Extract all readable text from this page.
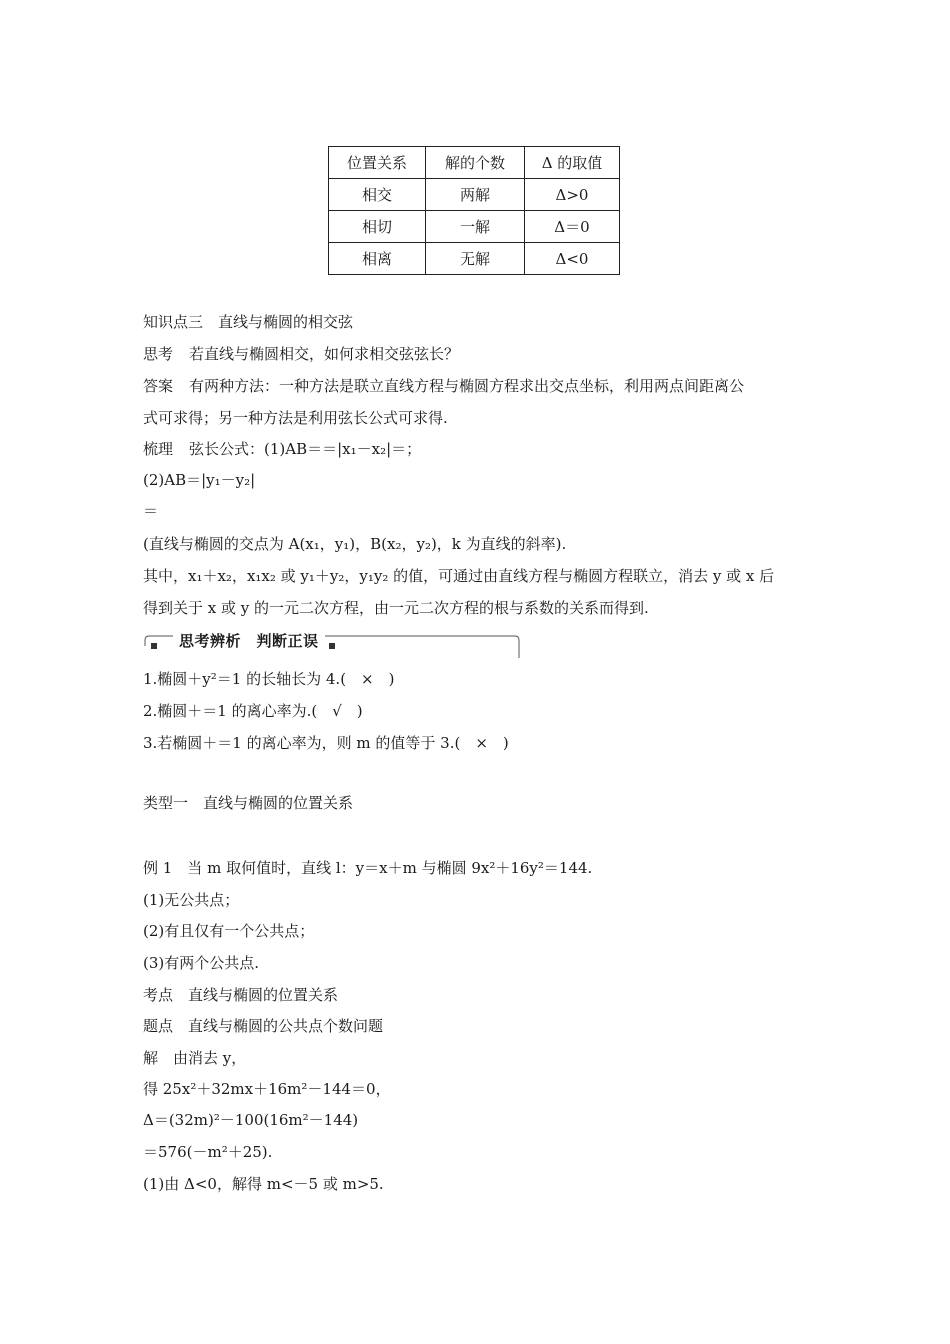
位置关系	解的个数	Δ 的取值
相交	两解	Δ>0
相切	一解	Δ＝0
相离	无解	Δ<0
知识点三　直线与椭圆的相交弦
思考 若直线与椭圆相交，如何求相交弦弦长？
答案 有两种方法：一种方法是联立直线方程与椭圆方程求出交点坐标，利用两点间距离公
式可求得；另一种方法是利用弦长公式可求得.
梳理 弦长公式：(1)AB＝＝|x₁－x₂|＝；
(2)AB＝|y₁－y₂|
＝
(直线与椭圆的交点为 A(x₁，y₁)，B(x₂，y₂)，k 为直线的斜率).
其中，x₁＋x₂，x₁x₂ 或 y₁＋y₂，y₁y₂ 的值，可通过由直线方程与椭圆方程联立，消去 y 或 x 后
得到关于 x 或 y 的一元二次方程，由一元二次方程的根与系数的关系而得到.
思考辨析　判断正误
1.椭圆＋y²＝1 的长轴长为 4.(　×　)
2.椭圆＋＝1 的离心率为.(　√　)
3.若椭圆＋＝1 的离心率为，则 m 的值等于 3.(　×　)
类型一　直线与椭圆的位置关系
例 1　当 m 取何值时，直线 l：y＝x＋m 与椭圆 9x²＋16y²＝144.
(1)无公共点；
(2)有且仅有一个公共点；
(3)有两个公共点.
考点　直线与椭圆的位置关系
题点　直线与椭圆的公共点个数问题
解　由消去 y，
得 25x²＋32mx＋16m²－144＝0，
Δ＝(32m)²－100(16m²－144)
＝576(－m²＋25).
(1)由 Δ<0，解得 m<－5 或 m>5.
